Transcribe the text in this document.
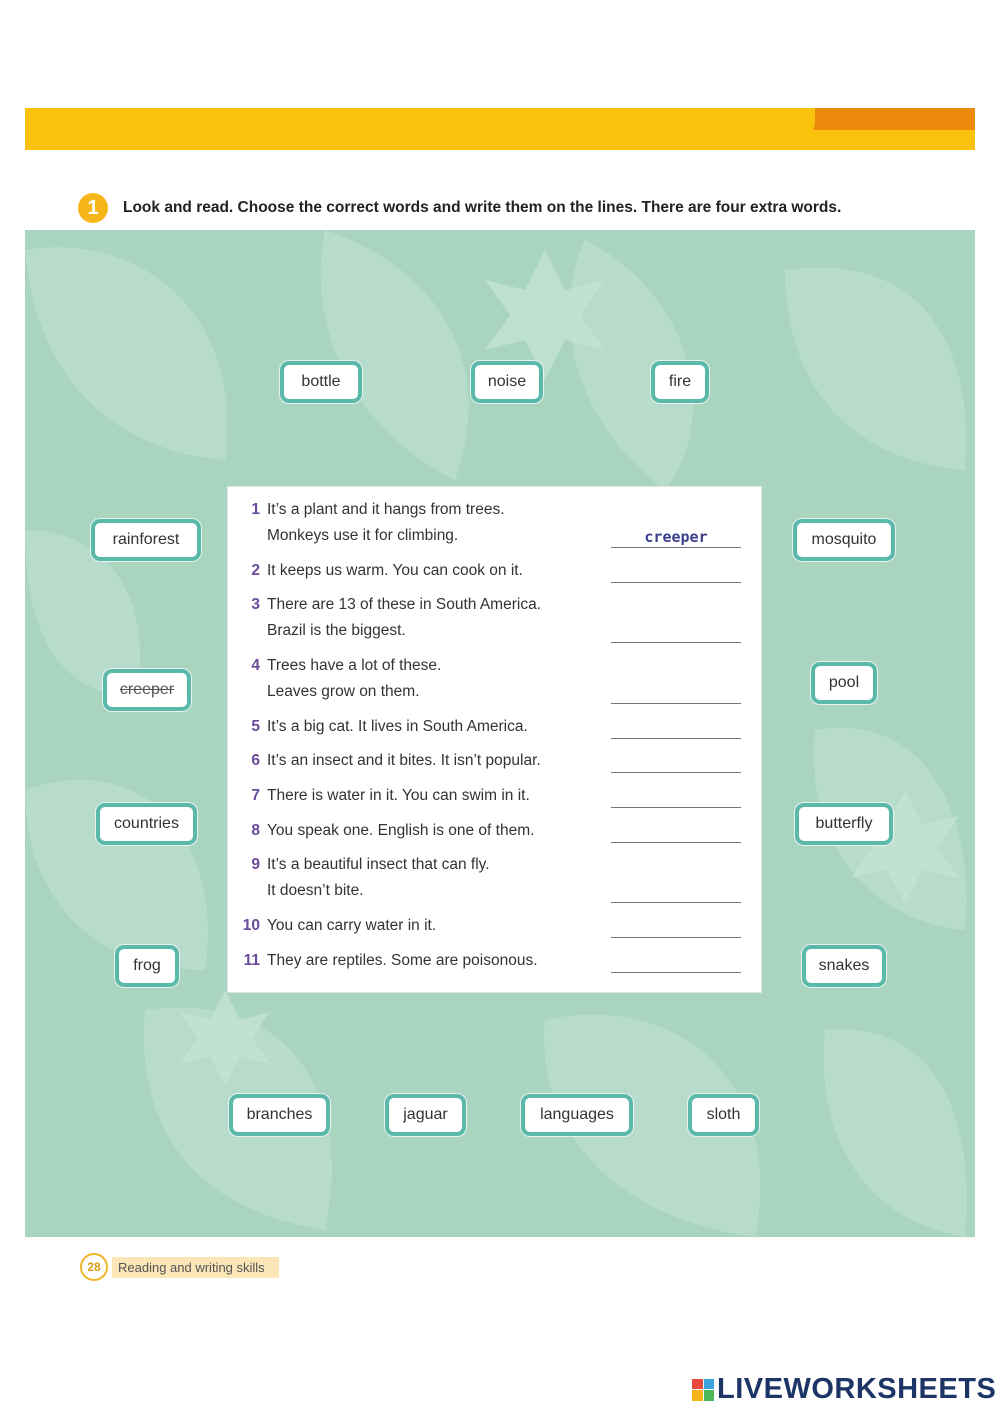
1	Look and read. Choose the correct words and write them on the lines. There are four extra words.
bottle	noise	fire
rainforest	mosquito
creeper	pool
countries	butterfly
frog	snakes
branches	jaguar	languages	sloth
1 It’s a plant and it hangs from trees.
Monkeys use it for climbing.	creeper
2 It keeps us warm. You can cook on it.
3 There are 13 of these in South America.
Brazil is the biggest.
4 Trees have a lot of these.
Leaves grow on them.
5 It’s a big cat. It lives in South America.
6 It’s an insect and it bites. It isn’t popular.
7 There is water in it. You can swim in it.
8 You speak one. English is one of them.
9 It’s a beautiful insect that can fly.
It doesn’t bite.
10 You can carry water in it.
11 They are reptiles. Some are poisonous.
28	Reading and writing skills
LIVEWORKSHEETS
